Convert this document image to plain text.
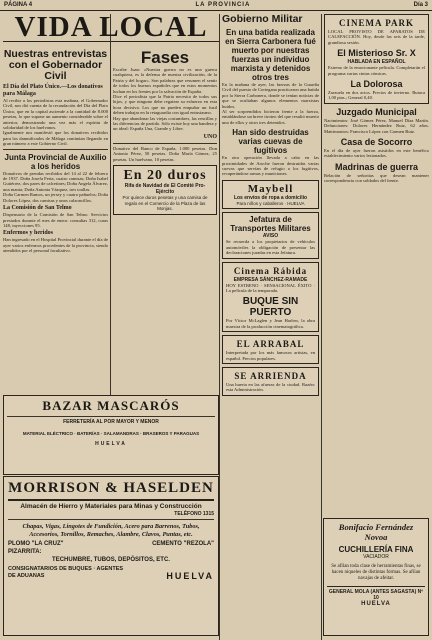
PÁGINA 4	LA PROVINCIA	Día 3
VIDA LOCAL
Nuestras entrevistas con el Gobernador Civil
El Día del Plato Único.—Los donativos para Málaga

Al recibir a los periodistas esta mañana, el Gobernador Civil, nos dió cuenta de la recaudación del Día del Plato Único, que en la capital asciende a la cantidad de 8.000 pesetas, lo que supone un aumento considerable sobre el anterior, demostrando una vez más el espíritu de solidaridad de los huelvanos.

Igualmente nos manifestó que los donativos recibidos para los damnificados de Málaga continúan llegando en gran número a este Gobierno Civil.

Junta Provincial de Auxilio a los heridos

Donativos de prendas recibidos del 14 al 22 de febrero de 1937. Doña Josefa Feria, cuatro camisas; Doña Isabel Gutiérrez, dos pares de calcetines; Doña Angela Álvarez, una manta; Doña Antonia Vázquez, tres toallas.

Doña Carmen Ramos, un jersey y cuatro pañuelos; Doña Dolores López, dos camisas y unos calzoncillos.

La Comisión de San Telmo

Dispensario de la Comisión de San Telmo. Servicios prestados durante el mes de enero: consultas 312, curas 148, inyecciones 95.

Enfermos y heridos

Han ingresado en el Hospital Provincial durante el día de ayer varios enfermos procedentes de la provincia, siendo atendidos por el personal facultativo.

Fases

Escribe Juan: «Nuestra guerra no es una guerra cualquiera, es la defensa de nuestra civilización, de la Patria y del hogar». Son palabras que resumen el sentir de todos los buenos españoles que en estos momentos luchan en los frentes por la salvación de España.

Dice el periodista que la Patria necesita de todos sus hijos, y que ninguno debe regatear su esfuerzo en esta hora decisiva. Los que no pueden empuñar un fusil deben trabajar en la retaguardia con igual entusiasmo.

Hay que abandonar las viejas costumbres, las rencillas y las diferencias de partido. Sólo existe hoy una bandera y un ideal: España Una, Grande y Libre.

UNO

Donativo del Banco de España, 1.000 pesetas. Don Antonio Pérez, 50 pesetas. Doña María Gómez, 25 pesetas. Un huelvano, 10 pesetas.

En 20 duros
Rifa de Navidad de El Comité Pro-Ejército
Por quince duros pesetas y una camisa de regalo en el Comercio de la Plaza de las Monjas.
BAZAR MASCARÓS
FERRETERÍA AL POR MAYOR Y MENOR
MATERIAL ELÉCTRICO · BATERÍAS · SALAMANDRAS · BRASEROS Y PARAGUAS
HUELVA
MORRISON & HASELDEN
Almacén de Hierro y Materiales para Minas y Construcción
TELÉFONO 1315
Chapas, Vigas, Lingotes de Fundición, Acero para Barrenos, Tubos, Accesorios, Tornillos, Remaches, Alambre, Clavos, Puntas, etc.
PLOMO "LA CRUZ"	CEMENTO "REZOLA"
PIZARRITA:
TECHUMBRE, TUBOS, DEPÓSITOS, ETC.
CONSIGNATARIOS DE BUQUES · AGENTES DE ADUANAS	HUELVA
Gobierno Militar
En una batida realizada en Sierra Carbonera fué muerto por nuestras fuerzas un individuo marxista y detenidos otros tres

En la mañana de ayer, las fuerzas de la Guardia Civil del puesto de Cortegana practicaron una batida por la Sierra Carbonera, donde se tenían noticias de que se ocultaban algunos elementos marxistas huidos.

Al ser sorprendidos hicieron frente a la fuerza, entablándose un breve tiroteo del que resultó muerto uno de ellos y otros tres detenidos.

Han sido destruidas varias cuevas de fugitivos

En otra operación llevada a cabo en las proximidades de Aroche fueron destruidas varias cuevas que servían de refugio a los fugitivos, recuperándose armas y municiones.

Maybell
Los envíos de ropa a domicilio
Para niños y caballeros · HUELVA
Jefatura de Transportes Militares
AVISO

Se recuerda a los propietarios de vehículos automóviles la obligación de presentar las declaraciones juradas en esta Jefatura.

Cinema Rábida
EMPRESA SÁNCHEZ-RAMADE

HOY ESTRENO · SENSACIONAL ÉXITO · La película de la temporada.

BUQUE SIN PUERTO

Por Víctor McLaglen y Jean Harlow, la obra maestra de la producción cinematográfica.

EL ARRABAL

Interpretada por los más famosos artistas, en español. Precios populares.

SE ARRIENDA

Una huerta en las afueras de la ciudad. Razón: esta Administración.

CINEMA PARK

LOCAL PROVISTO DE APARATOS DE CALEFACCIÓN. Hoy, desde las seis de la tarde, grandiosa sesión.

El Misterioso Sr. X
HABLADA EN ESPAÑOL

Estreno de la emocionante película. Completarán el programa varias cintas cómicas.

La Dolorosa

Zarzuela en dos actos. Precios de invierno. Butaca 1,00 ptas.; General 0,40.

Juzgado Municipal

Nacimientos: José Gómez Pérez, Manuel Díaz Martín. Defunciones: Dolores Hernández Ruiz, 62 años. Matrimonios: Francisco López con Carmen Ruiz.

Casa de Socorro

En el día de ayer fueron asistidos en este benéfico establecimiento varios lesionados.

Madrinas de guerra

Relación de señoritas que desean mantener correspondencia con soldados del frente.

Bonifacio Fernández Novoa
CUCHILLERÍA FINA
VACIADOR
Se afilan toda clase de herramientas finas, se hacen niqueles de distintas formas. Se afilan navajas de afeitar.
GENERAL MOLA (ANTES SAGASTA) Nº 10
HUELVA
